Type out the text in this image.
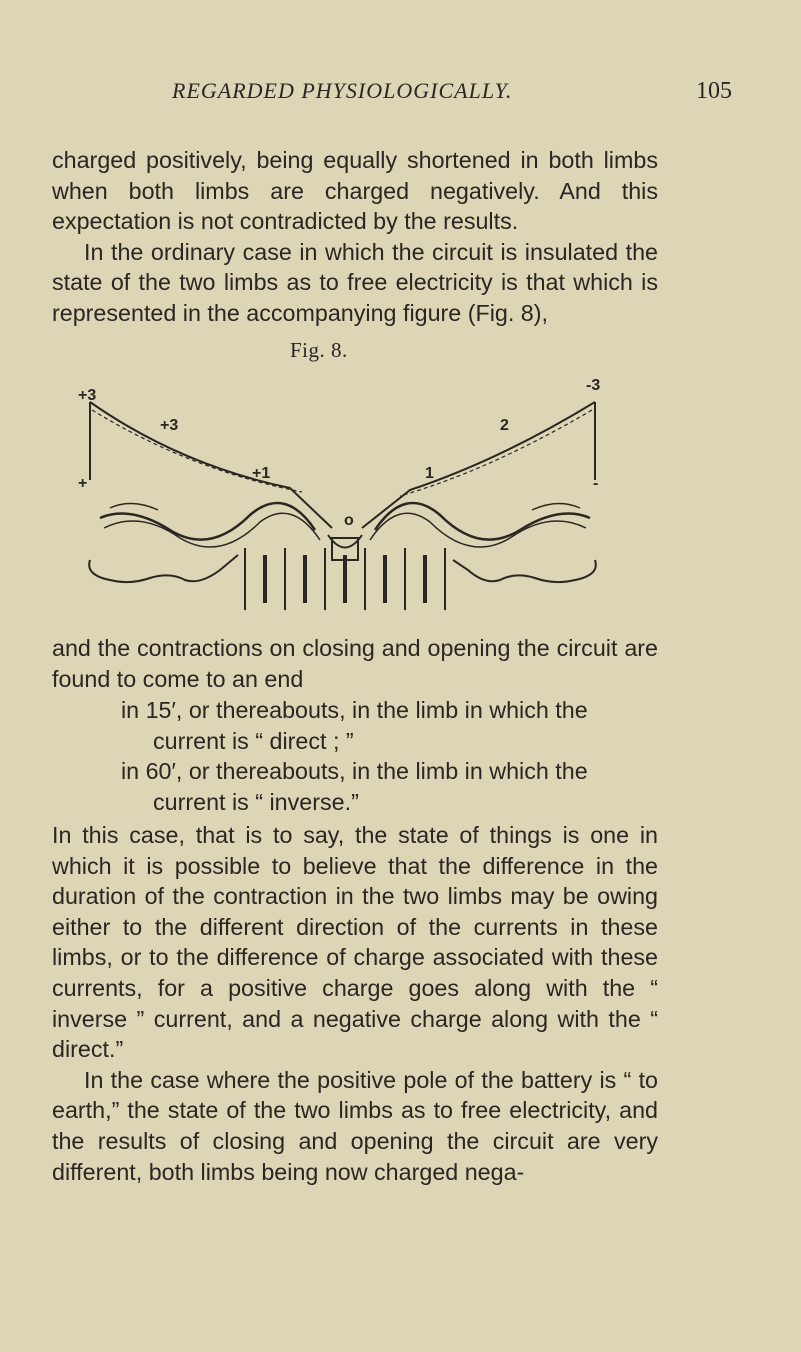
REGARDED PHYSIOLOGICALLY.	105

charged positively, being equally shortened in both limbs when both limbs are charged negatively. And this expectation is not contradicted by the results.

In the ordinary case in which the circuit is insulated the state of the two limbs as to free electricity is that which is represented in the accompanying figure (Fig. 8),

Fig. 8.
+3
+3
+1
+
-3
2
1
-
o

and the contractions on closing and opening the circuit are found to come to an end

in 15′, or thereabouts, in the limb in which the current is “ direct ; ”

in 60′, or thereabouts, in the limb in which the current is “ inverse.”

In this case, that is to say, the state of things is one in which it is possible to believe that the difference in the duration of the contraction in the two limbs may be owing either to the different direction of the currents in these limbs, or to the difference of charge associated with these currents, for a positive charge goes along with the “ inverse ” current, and a negative charge along with the “ direct.”

In the case where the positive pole of the battery is “ to earth,” the state of the two limbs as to free electricity, and the results of closing and opening the circuit are very different, both limbs being now charged nega-
